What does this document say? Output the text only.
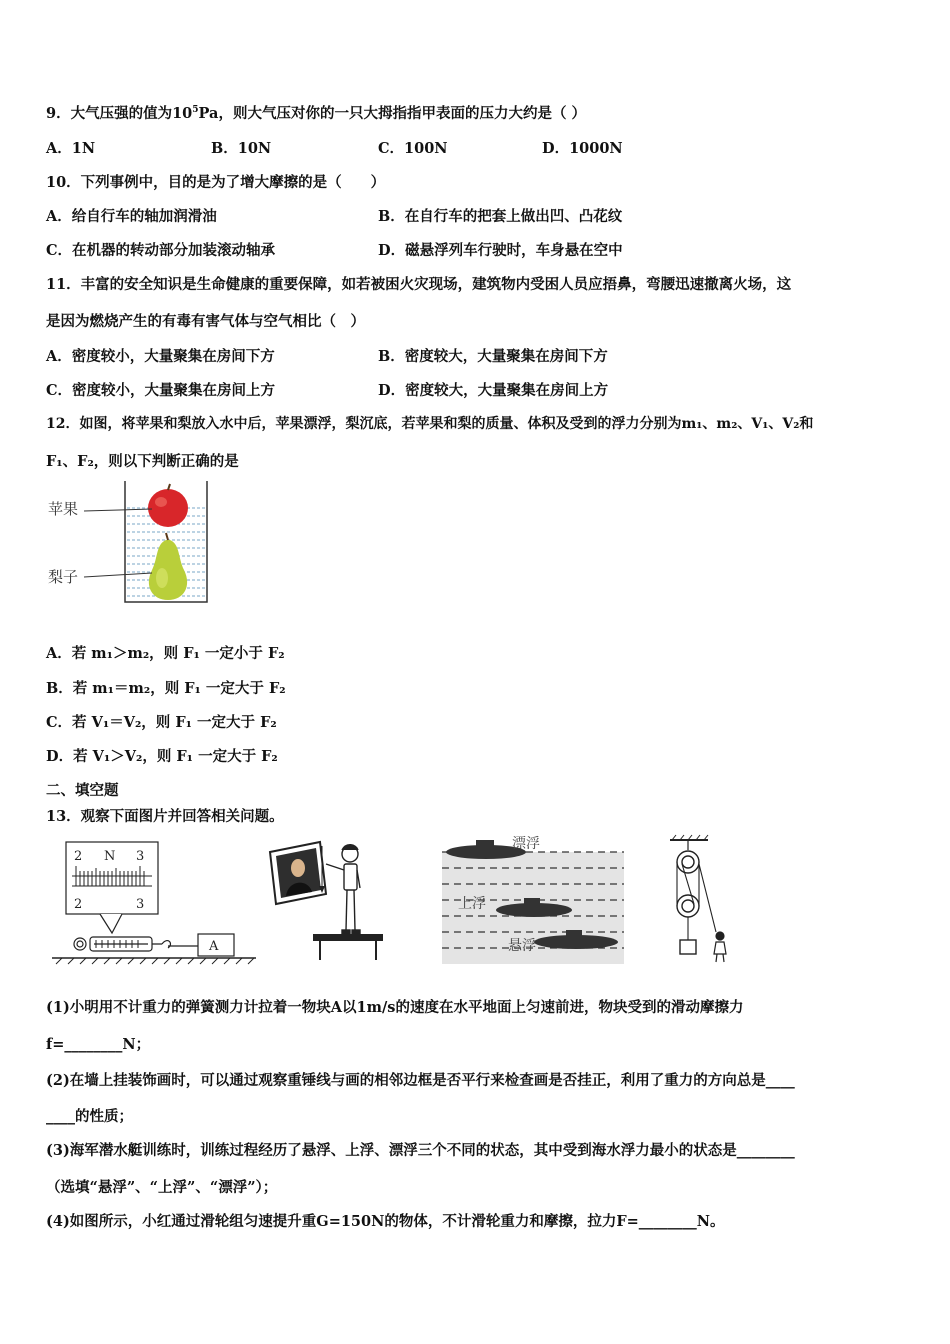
9．大气压强的值为$10^5Pa$，则大气压对你的一只大拇指指甲表面的压力大约是（ ）
A．1N	B．10N	C．100N	D．1000N
10．下列事例中，目的是为了增大摩擦的是（　　）
A．给自行车的轴加润滑油	B．在自行车的把套上做出凹、凸花纹
C．在机器的转动部分加装滚动轴承	D．磁悬浮列车行驶时，车身悬在空中
11．丰富的安全知识是生命健康的重要保障，如若被困火灾现场，建筑物内受困人员应捂鼻，弯腰迅速撤离火场，这
是因为燃烧产生的有毒有害气体与空气相比（　）
A．密度较小，大量聚集在房间下方	B．密度较大，大量聚集在房间下方
C．密度较小，大量聚集在房间上方	D．密度较大，大量聚集在房间上方
12．如图，将苹果和梨放入水中后，苹果漂浮，梨沉底，若苹果和梨的质量、体积及受到的浮力分别为m₁、m₂、V₁、V₂和
F₁、F₂，则以下判断正确的是
苹果
梨子
A．若 m₁＞m₂，则 F₁ 一定小于 F₂
B．若 m₁＝m₂，则 F₁ 一定大于 F₂
C．若 V₁＝V₂，则 F₁ 一定大于 F₂
D．若 V₁＞V₂，则 F₁ 一定大于 F₂
二、填空题
13．观察下面图片并回答相关问题。
2 N 3
2	3
A
漂浮
上浮
悬浮
(1)小明用不计重力的弹簧测力计拉着一物块A以1m/s的速度在水平地面上匀速前进，物块受到的滑动摩擦力
f=________N；
(2)在墙上挂装饰画时，可以通过观察重锤线与画的相邻边框是否平行来检查画是否挂正，利用了重力的方向总是____
____的性质；
(3)海军潜水艇训练时，训练过程经历了悬浮、上浮、漂浮三个不同的状态，其中受到海水浮力最小的状态是________
（选填“悬浮”、“上浮”、“漂浮”）；
(4)如图所示，小红通过滑轮组匀速提升重G=150N的物体，不计滑轮重力和摩擦，拉力F=________N。
